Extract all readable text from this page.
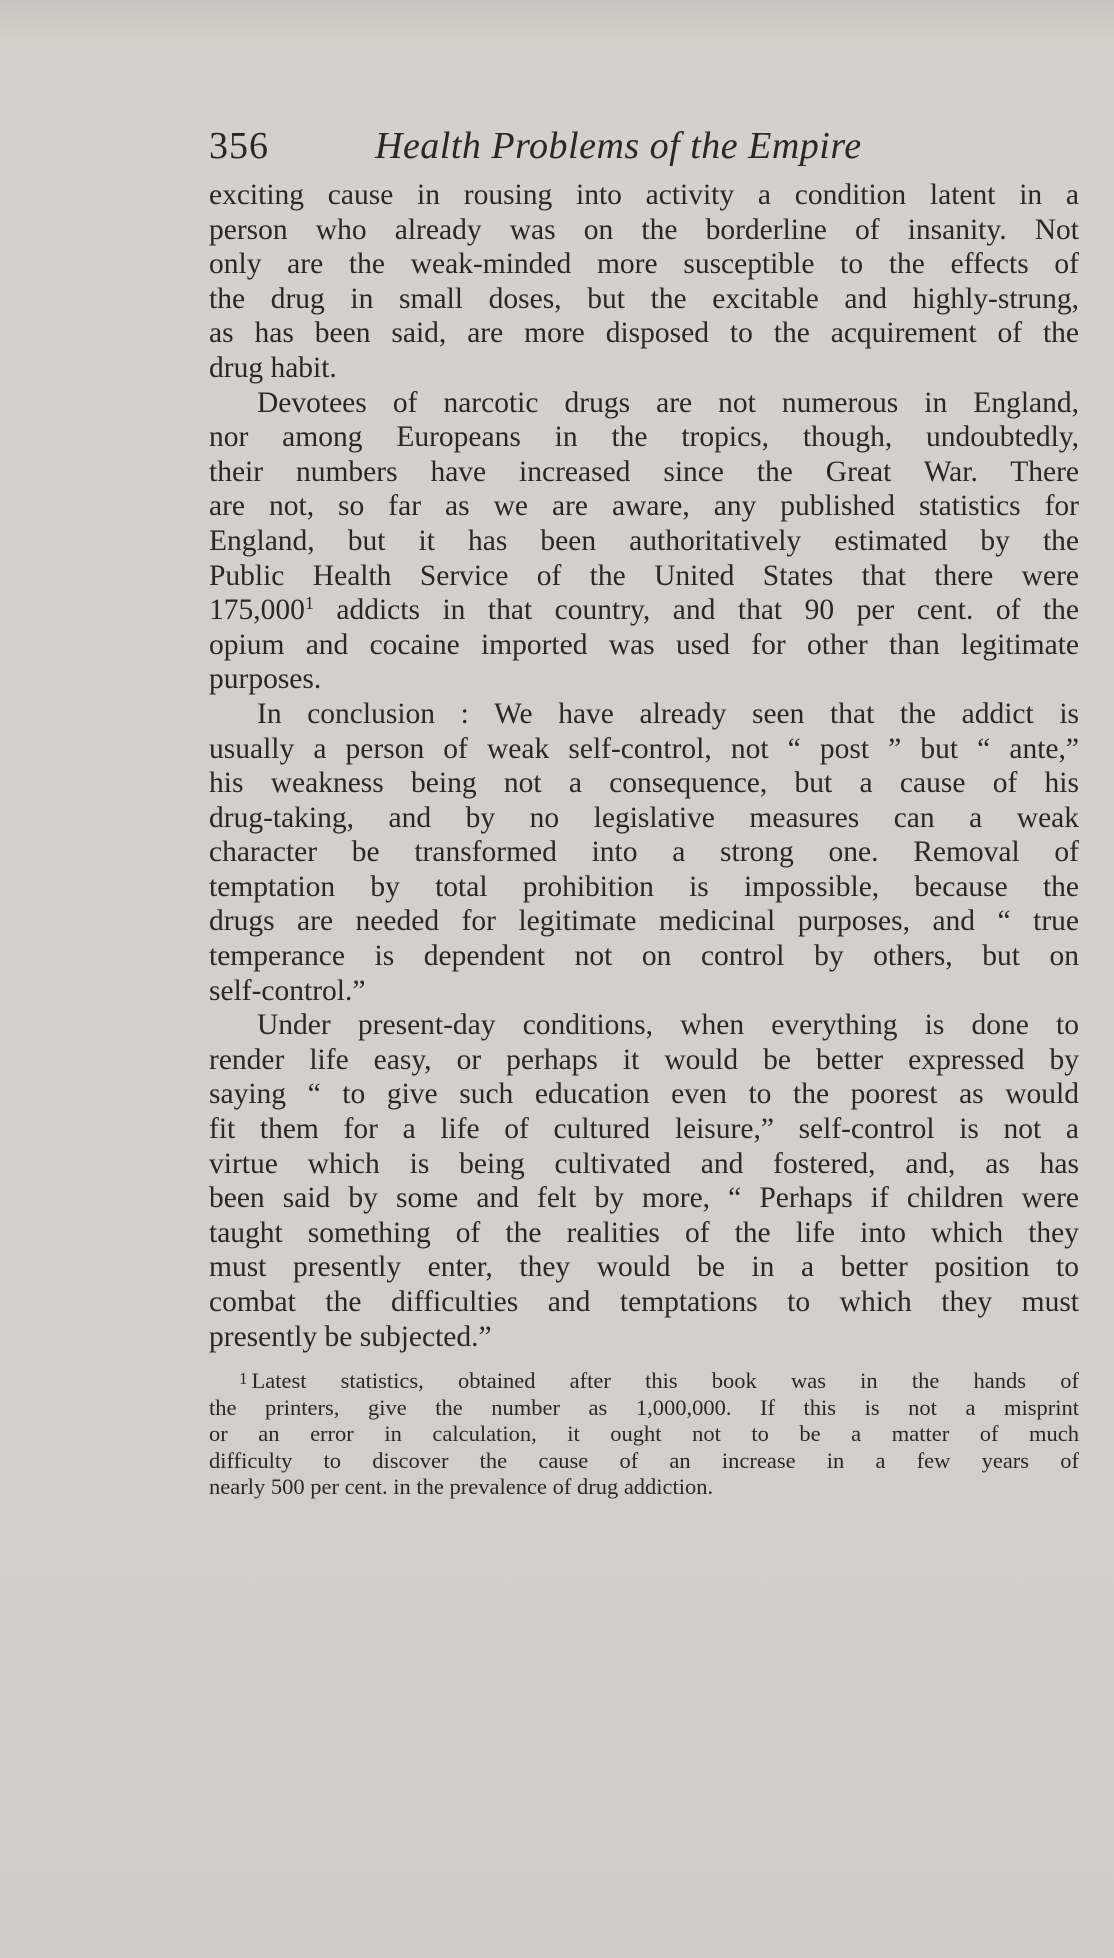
356	Health Problems of the Empire

exciting cause in rousing into activity a condition latent in a
person who already was on the borderline of insanity. Not
only are the weak-minded more susceptible to the effects of
the drug in small doses, but the excitable and highly-strung,
as has been said, are more disposed to the acquirement of the
drug habit.

Devotees of narcotic drugs are not numerous in England,
nor among Europeans in the tropics, though, undoubtedly,
their numbers have increased since the Great War. There
are not, so far as we are aware, any published statistics for
England, but it has been authoritatively estimated by the
Public Health Service of the United States that there were
175,000$^1$ addicts in that country, and that 90 per cent. of the
opium and cocaine imported was used for other than legitimate
purposes.

In conclusion : We have already seen that the addict is
usually a person of weak self-control, not “ post ” but “ ante,”
his weakness being not a consequence, but a cause of his
drug-taking, and by no legislative measures can a weak
character be transformed into a strong one. Removal of
temptation by total prohibition is impossible, because the
drugs are needed for legitimate medicinal purposes, and “ true
temperance is dependent not on control by others, but on
self-control.”

Under present-day conditions, when everything is done to
render life easy, or perhaps it would be better expressed by
saying “ to give such education even to the poorest as would
fit them for a life of cultured leisure,” self-control is not a
virtue which is being cultivated and fostered, and, as has
been said by some and felt by more, “ Perhaps if children were
taught something of the realities of the life into which they
must presently enter, they would be in a better position to
combat the difficulties and temptations to which they must
presently be subjected.”

1 Latest statistics, obtained after this book was in the hands of
the printers, give the number as 1,000,000. If this is not a misprint
or an error in calculation, it ought not to be a matter of much
difficulty to discover the cause of an increase in a few years of
nearly 500 per cent. in the prevalence of drug addiction.
